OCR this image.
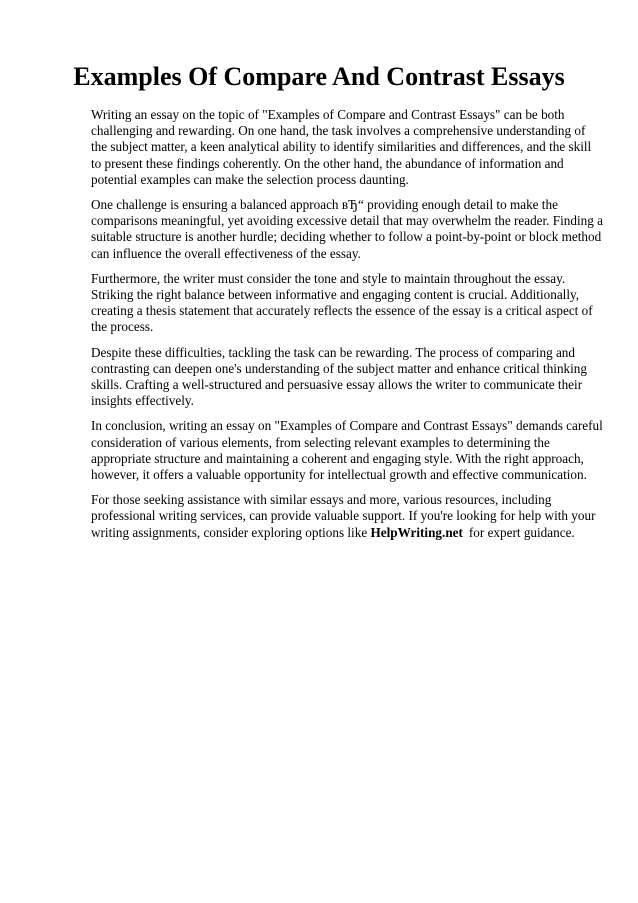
Examples Of Compare And Contrast Essays

Writing an essay on the topic of "Examples of Compare and Contrast Essays" can be both challenging and rewarding. On one hand, the task involves a comprehensive understanding of the subject matter, a keen analytical ability to identify similarities and differences, and the skill to present these findings coherently. On the other hand, the abundance of information and potential examples can make the selection process daunting.

One challenge is ensuring a balanced approach вЂ“ providing enough detail to make the comparisons meaningful, yet avoiding excessive detail that may overwhelm the reader. Finding a suitable structure is another hurdle; deciding whether to follow a point-by-point or block method can influence the overall effectiveness of the essay.

Furthermore, the writer must consider the tone and style to maintain throughout the essay. Striking the right balance between informative and engaging content is crucial. Additionally, creating a thesis statement that accurately reflects the essence of the essay is a critical aspect of the process.

Despite these difficulties, tackling the task can be rewarding. The process of comparing and contrasting can deepen one's understanding of the subject matter and enhance critical thinking skills. Crafting a well-structured and persuasive essay allows the writer to communicate their insights effectively.

In conclusion, writing an essay on "Examples of Compare and Contrast Essays" demands careful consideration of various elements, from selecting relevant examples to determining the appropriate structure and maintaining a coherent and engaging style. With the right approach, however, it offers a valuable opportunity for intellectual growth and effective communication.

For those seeking assistance with similar essays and more, various resources, including professional writing services, can provide valuable support. If you're looking for help with your writing assignments, consider exploring options like HelpWriting.net for expert guidance.
